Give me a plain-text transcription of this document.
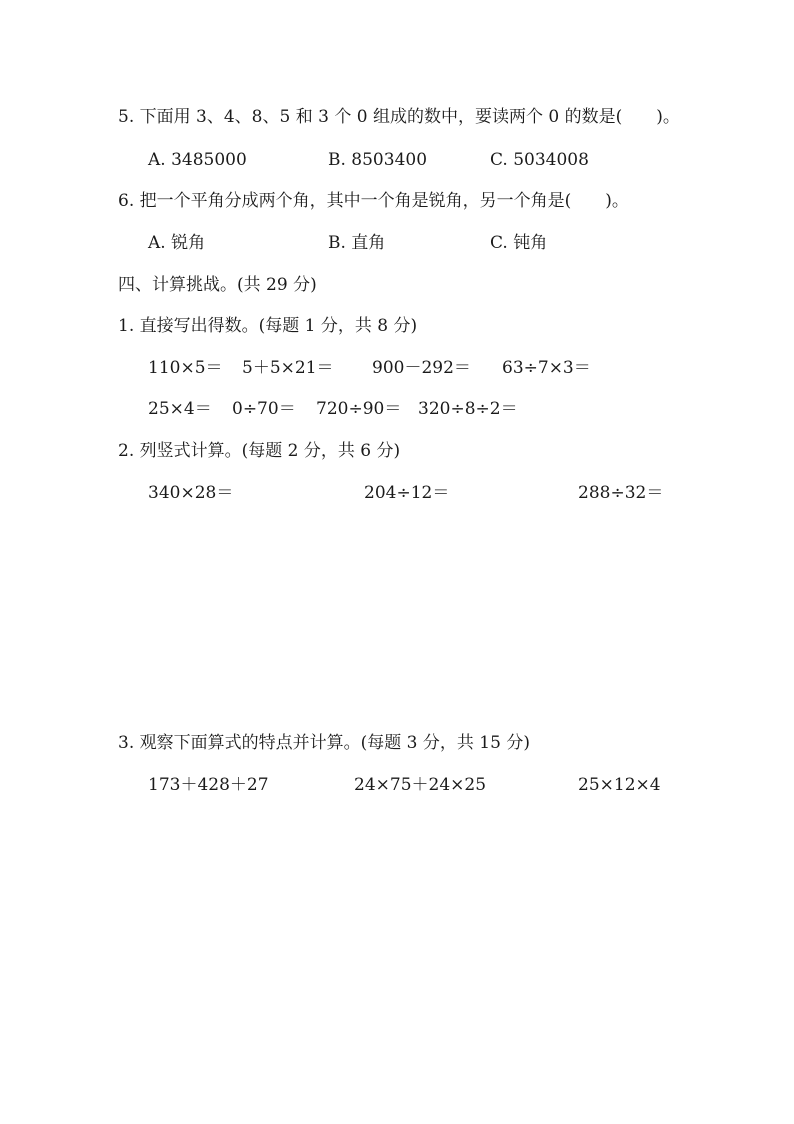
5. 下面用 3、4、8、5 和 3 个 0 组成的数中，要读两个 0 的数是(　　)。
A. 3485000	B. 8503400	C. 5034008
6. 把一个平角分成两个角，其中一个角是锐角，另一个角是(　　)。
A. 锐角	B. 直角	C. 钝角
四、计算挑战。(共 29 分)
1. 直接写出得数。(每题 1 分，共 8 分)
110×5＝ 5＋5×21＝ 900－292＝ 63÷7×3＝
25×4＝ 0÷70＝ 720÷90＝ 320÷8÷2＝
2. 列竖式计算。(每题 2 分，共 6 分)
340×28＝	204÷12＝	288÷32＝
3. 观察下面算式的特点并计算。(每题 3 分，共 15 分)
173＋428＋27	24×75＋24×25	25×12×4
